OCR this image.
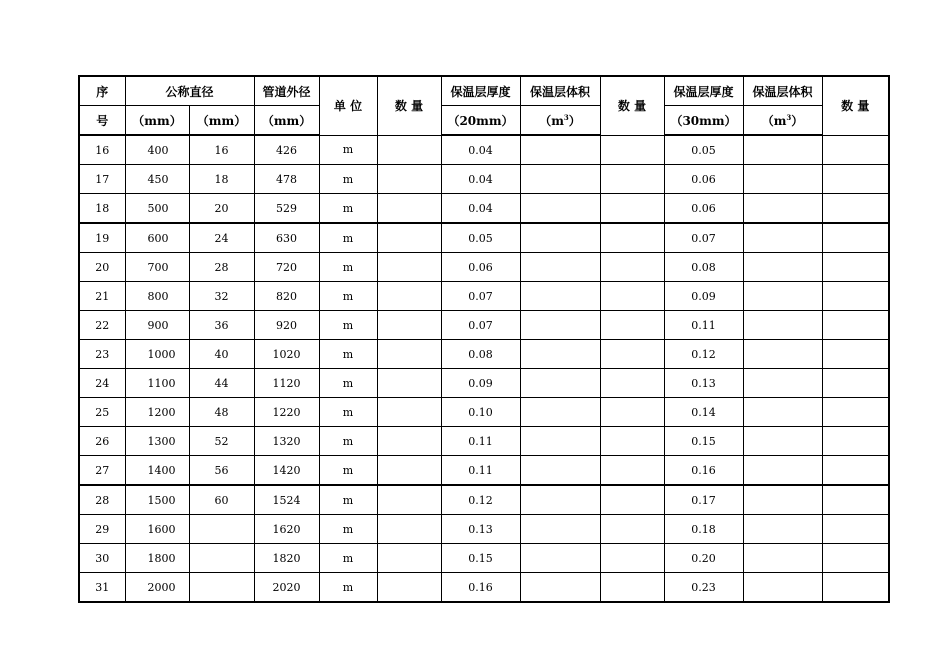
序	公称直径		管道外径	单 位	数 量	保温层厚度	保温层体积	数 量	保温层厚度	保温层体积	数 量
号	（mm）	（mm）	（mm）			（20mm）	$(m^3)$		（30mm）	$(m^3)$	
16	400	16	426	m		0.04			0.05		
17	450	18	478	m		0.04			0.06		
18	500	20	529	m		0.04			0.06		
19	600	24	630	m		0.05			0.07		
20	700	28	720	m		0.06			0.08		
21	800	32	820	m		0.07			0.09		
22	900	36	920	m		0.07			0.11		
23	1000	40	1020	m		0.08			0.12		
24	1100	44	1120	m		0.09			0.13		
25	1200	48	1220	m		0.10			0.14		
26	1300	52	1320	m		0.11			0.15		
27	1400	56	1420	m		0.11			0.16		
28	1500	60	1524	m		0.12			0.17		
29	1600		1620	m		0.13			0.18		
30	1800		1820	m		0.15			0.20		
31	2000		2020	m		0.16			0.23		
